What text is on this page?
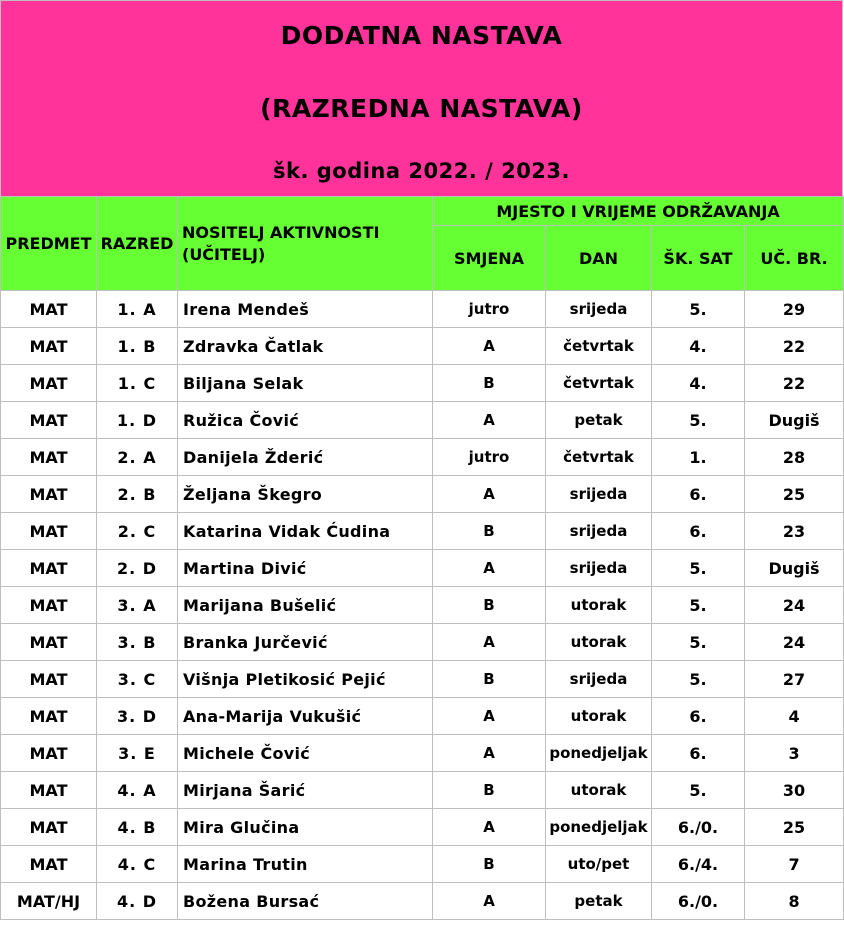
DODATNA NASTAVA
(RAZREDNA NASTAVA)
šk. godina 2022. / 2023.
PREDMET	RAZRED	NOSITELJ AKTIVNOSTI (UČITELJ)	MJESTO I VRIJEME ODRŽAVANJA			
			SMJENA	DAN	ŠK. SAT	UČ. BR.
MAT	1. A	Irena Mendeš	jutro	srijeda	5.	29
MAT	1. B	Zdravka Čatlak	A	četvrtak	4.	22
MAT	1. C	Biljana Selak	B	četvrtak	4.	22
MAT	1. D	Ružica Čović	A	petak	5.	Dugiš
MAT	2. A	Danijela Žderić	jutro	četvrtak	1.	28
MAT	2. B	Željana Škegro	A	srijeda	6.	25
MAT	2. C	Katarina Vidak Ćudina	B	srijeda	6.	23
MAT	2. D	Martina Divić	A	srijeda	5.	Dugiš
MAT	3. A	Marijana Bušelić	B	utorak	5.	24
MAT	3. B	Branka Jurčević	A	utorak	5.	24
MAT	3. C	Višnja Pletikosić Pejić	B	srijeda	5.	27
MAT	3. D	Ana-Marija Vukušić	A	utorak	6.	4
MAT	3. E	Michele Čović	A	ponedjeljak	6.	3
MAT	4. A	Mirjana Šarić	B	utorak	5.	30
MAT	4. B	Mira Glučina	A	ponedjeljak	6./0.	25
MAT	4. C	Marina Trutin	B	uto/pet	6./4.	7
MAT/HJ	4. D	Božena Bursać	A	petak	6./0.	8
